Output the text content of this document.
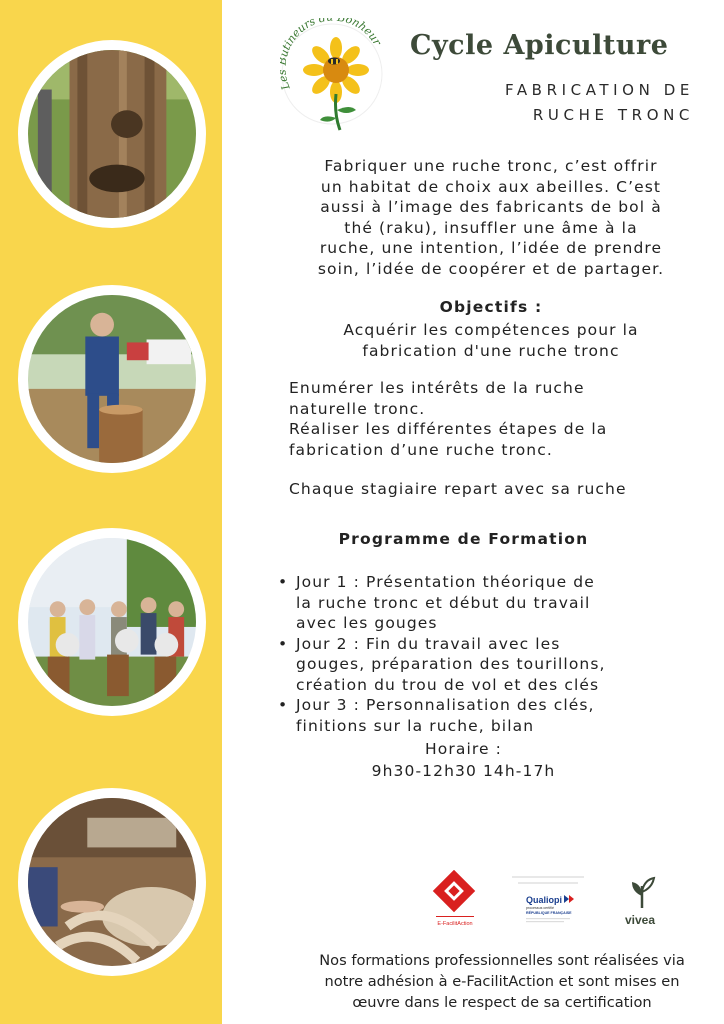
tineurs d onheur Cycle Apiculture
FABRICATION DE
RUCHE TRONC
Fabriquer une ruche tronc, c’est offrir
un habitat de choix aux abeilles. C’est
aussi à l’image des fabricants de bol à
thé (raku), insuffler une âme à la
ruche, une intention, l’idée de prendre
soin, l’idée de coopérer et de partager.
Objectifs :
Acquérir les compétences pour la
fabrication d'une ruche tronc
Enumérer les intérêts de la ruche
naturelle tronc.
Réaliser les différentes étapes de la
fabrication d’une ruche tronc.
Chaque stagiaire repart avec sa ruche
Programme de Formation
• Jour 1 : Présentation théorique de
la ruche tronc et début du travail
avec les gouges
• Jour 2 : Fin du travail avec les
gouges, préparation des tourillons,
création du trou de vol et des clés
• Jour 3 : Personnalisation des clés,
finitions sur la ruche, bilan
Horaire :
9h30-12h30 14h-17h
E-FacilitAction
Qualiopi
processus certifié
RÉPUBLIQUE FRANÇAISE	vivea
Nos formations professionnelles sont réalisées via
notre adhésion à e-FacilitAction et sont mises en
œuvre dans le respect de sa certification
